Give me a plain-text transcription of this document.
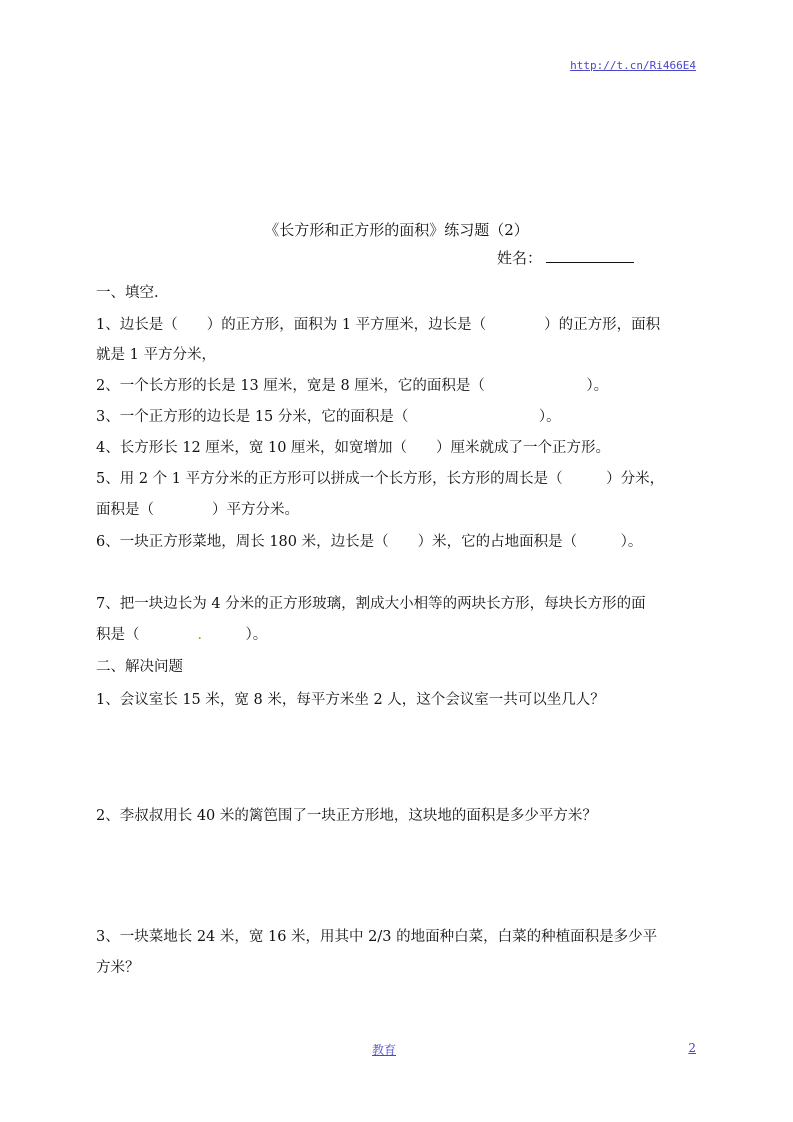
http://t.cn/Ri466E4
《长方形和正方形的面积》练习题（2）
姓名：
一、填空.
1、边长是（　　）的正方形，面积为 1 平方厘米，边长是（　　　　）的正方形，面积
就是 1 平方分米，
2、一个长方形的长是 13 厘米，宽是 8 厘米，它的面积是（　　　　　　　）。
3、一个正方形的边长是 15 分米，它的面积是（　　　　　　　　　）。
4、长方形长 12 厘米，宽 10 厘米，如宽增加（　　）厘米就成了一个正方形。
5、用 2 个 1 平方分米的正方形可以拼成一个长方形，长方形的周长是（　　　）分米，
面积是（　　　　）平方分米。
6、一块正方形菜地，周长 180 米，边长是（　　）米，它的占地面积是（　　　）。
7、把一块边长为 4 分米的正方形玻璃，割成大小相等的两块长方形，每块长方形的面
积是（　　　　.　　　）。
二、解决问题
1、会议室长 15 米，宽 8 米，每平方米坐 2 人，这个会议室一共可以坐几人？
2、李叔叔用长 40 米的篱笆围了一块正方形地，这块地的面积是多少平方米？
3、一块菜地长 24 米，宽 16 米，用其中 2/3 的地面种白菜，白菜的种植面积是多少平
方米？
教育	2
